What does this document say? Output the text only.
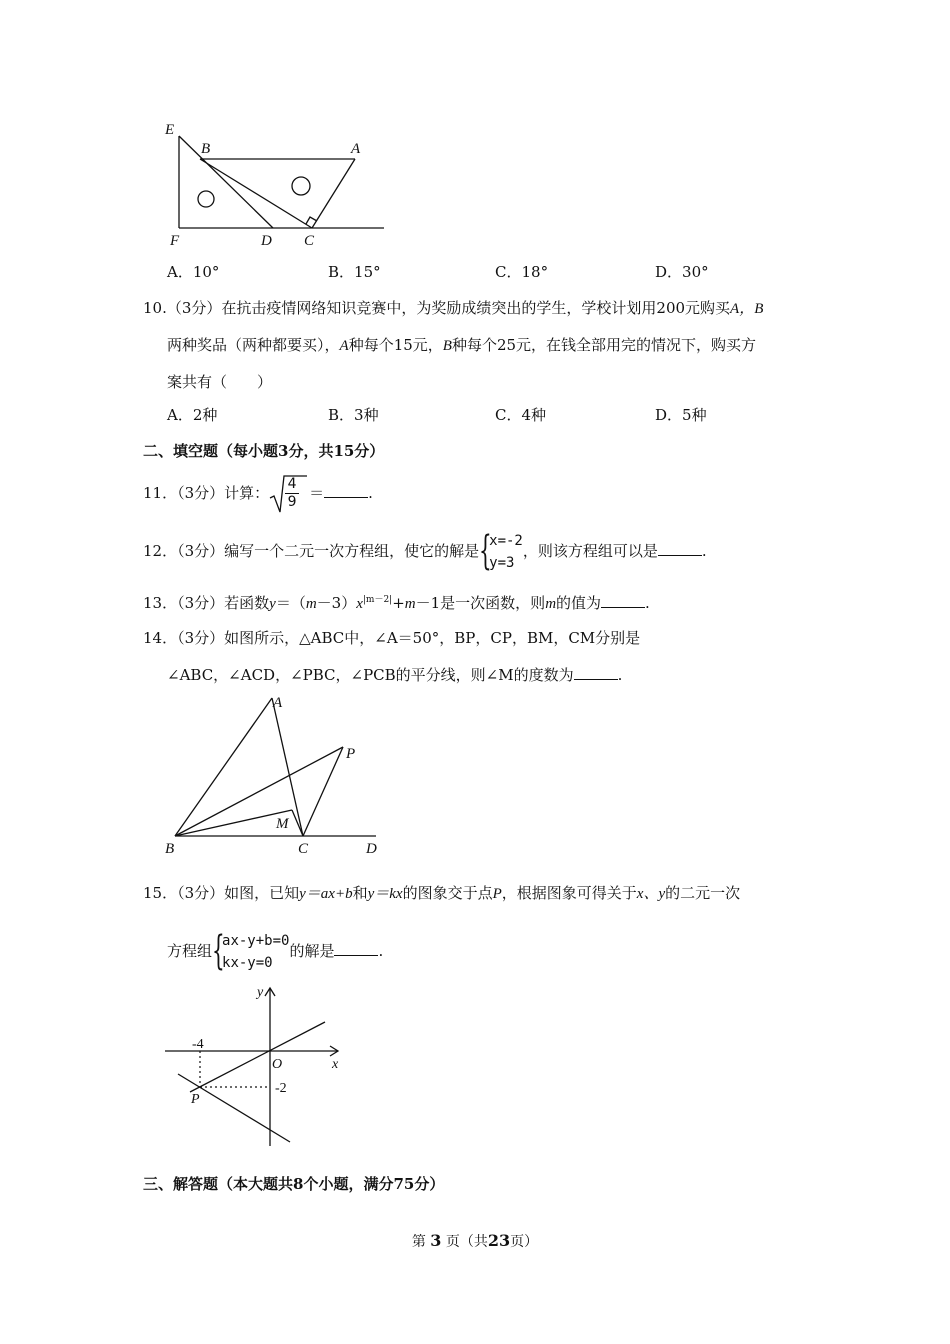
E
B	A
F	D C
A．10°	B．15°	C．18°	D．30°
10.（3分）在抗击疫情网络知识竞赛中，为奖励成绩突出的学生，学校计划用200元购买A，B
两种奖品（两种都要买），A种每个15元，B种每个25元，在钱全部用完的情况下，购买方
案共有（　　）
A．2种	B．3种	C．4种	D．5种
二、填空题（每小题3分，共15分）
11．（3分）计算： $\frac{4}{9}$ ＝	.
12．（3分）编写一个二元一次方程组，使它的解是 {
x=-2
y=3
，则该方程组可以是	.
13．（3分）若函数$y=(m-3)x^{|m-2|}+m-1$是一次函数，则m的值为	.
14．（3分）如图所示，△ABC中，∠A＝50°，BP，CP，BM，CM分别是
∠ABC，∠ACD，∠PBC，∠PCB的平分线，则∠M的度数为	.
A
P
M
B	C	D
15．（3分）如图，已知y＝ax+b和y＝kx的图象交于点P，根据图象可得关于x、y的二元一次
方程组 {
ax-y+b=0
kx-y=0
的解是	.
y
x
O
-4
-2
P
三、解答题（本大题共8个小题，满分75分）
第 3 页（共23页）
